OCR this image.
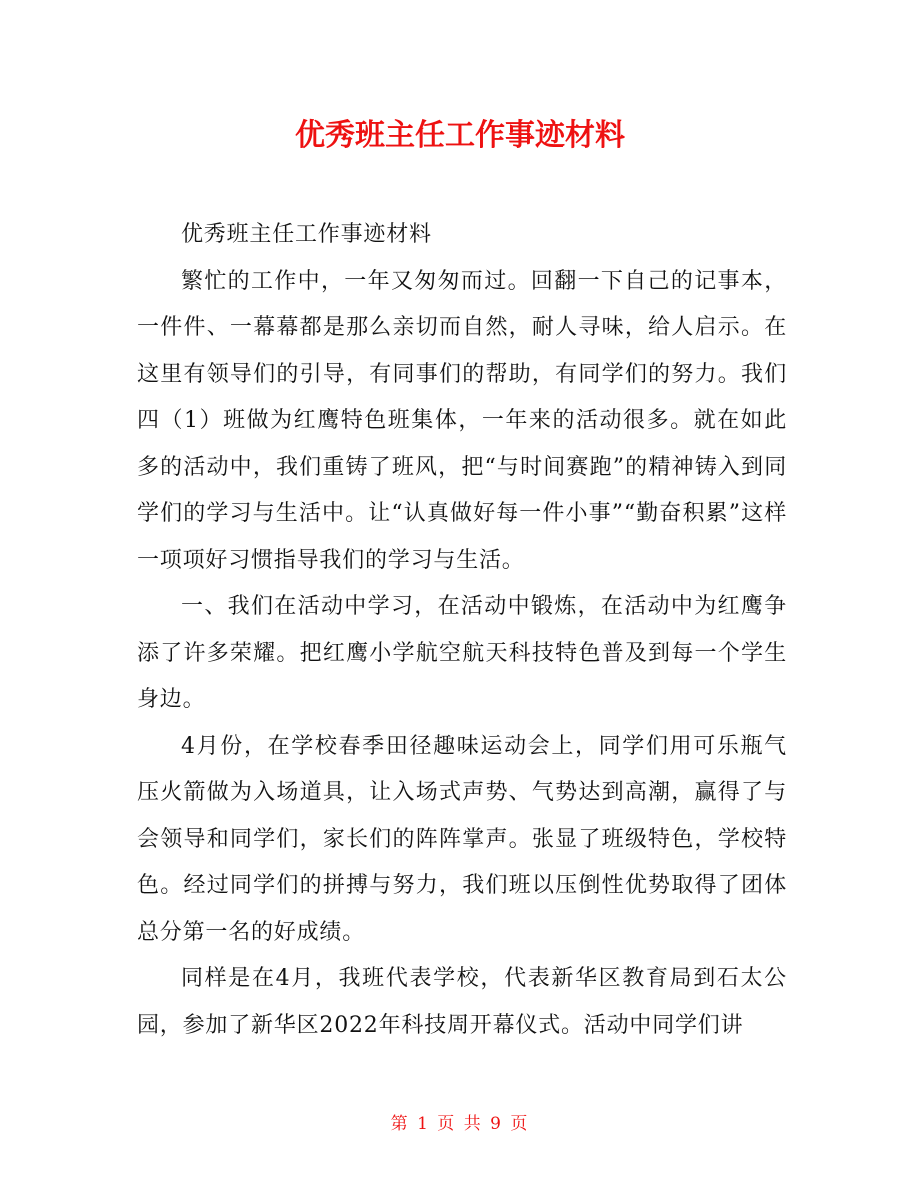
优秀班主任工作事迹材料

优秀班主任工作事迹材料

繁忙的工作中，一年又匆匆而过。回翻一下自己的记事本，一件件、一幕幕都是那么亲切而自然，耐人寻味，给人启示。在这里有领导们的引导，有同事们的帮助，有同学们的努力。我们四（1）班做为红鹰特色班集体，一年来的活动很多。就在如此多的活动中，我们重铸了班风，把“与时间赛跑”的精神铸入到同学们的学习与生活中。让“认真做好每一件小事”“勤奋积累”这样一项项好习惯指导我们的学习与生活。

一、我们在活动中学习，在活动中锻炼，在活动中为红鹰争添了许多荣耀。把红鹰小学航空航天科技特色普及到每一个学生身边。

4月份，在学校春季田径趣味运动会上，同学们用可乐瓶气压火箭做为入场道具，让入场式声势、气势达到高潮，赢得了与会领导和同学们，家长们的阵阵掌声。张显了班级特色，学校特色。经过同学们的拼搏与努力，我们班以压倒性优势取得了团体总分第一名的好成绩。

同样是在4月，我班代表学校，代表新华区教育局到石太公园，参加了新华区2022年科技周开幕仪式。活动中同学们讲

第 1 页 共 9 页
